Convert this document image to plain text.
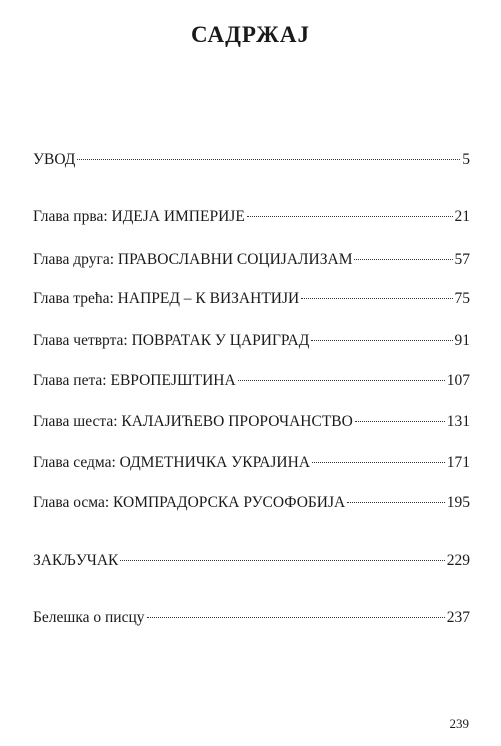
САДРЖАЈ
УВОД	5
Глава прва: ИДЕЈА ИМПЕРИЈЕ	21
Глава друга: ПРАВОСЛАВНИ СОЦИЈАЛИЗАМ	57
Глава трећа: НАПРЕД – К ВИЗАНТИЈИ	75
Глава четврта: ПОВРАТАК У ЦАРИГРАД	91
Глава пета: ЕВРОПЕЈШТИНА	107
Глава шеста: КАЛАЈИЋЕВО ПРОРОЧАНСТВО	131
Глава седма: ОДМЕТНИЧКА УКРАЈИНА	171
Глава осма: КОМПРАДОРСКА РУСОФОБИЈА	195
ЗАКЉУЧАК	229
Белешка о писцу	237
239
